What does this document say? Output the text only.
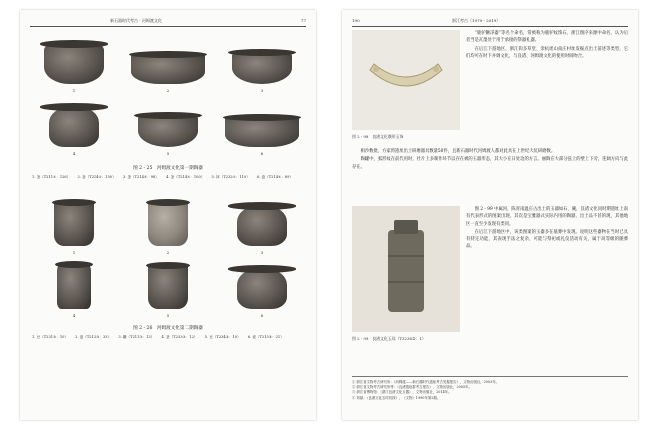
新石器时代考古 · 河姆渡文化	77
1	2	3
4	5	6
图 2 - 25　河姆渡文化第一期陶器
1. 釜（T211④：126） 2. 釜（T214④：150） 3. 釜（T214④：98） 4. 釜（T214④：100） 5. 钵（T232④：110） 6. 盘（T214④：89）
1	2	3
4	5	6
图 2 - 26　河姆渡文化第二期陶器
1. 豆（T231③：10） 2. 盘（T212③：33） 3. 罐（T211③：13） 4. 釜（T233③：12） 5. 豆（T234③：10） 6. 壶（T215③：21）
190	浙江考古（1979 - 2019）
图 2 - 98　良渚文化璜形玉饰

“鹿驴鍬凈器”等名个命名，常被称为鹿驴纹饰石，浙江图序来源中命名，认为后者当是瓦墨处于用于承接的祭器礼器。

在后江下游地区，浙江钩多草堂、余杭瑶山南庄村址发掘点出土前述等类型，它们均可在时下并调文化，与良渚、河姆渡文化的使用时间吻合。

相沙数批，方家湾遗址出土研磨器具数量50件，且新石器时代河姆渡人都对此具在上世纪大坑研磨数。

陶罐中，弧形纹在前代用时，社片上多制作环节以存在被的玉器形态，其大小在日处边的方言。丽陶在大部分弦上的壁上下旁，连阔方向与此存在。

图 2 - 99　良渚文化玉琮（T3236②：1）

图 2 - 99 中属河，陈青南温庄古出土的玉器如石、碗，良渚文化同时期遗址上南有代表形式的图案出现，其次是宝雅器式实际内用的陶器，出土品不甚的现，其他地区一直至少发现有类同。

在后江下游地区中，该类图案的玉器多在墓葬中发现。说明这些器物在当时已具有特定功能，其表现手法之复杂，可能与祭祀或礼仪活动有关，属于高等级的随葬品。

① 浙江省文物考古研究所：《河姆渡——新石器时代遗址考古发掘报告》，文物出版社，2003年。
② 浙江省文物考古研究所等：《良渚遗址群考古报告》，文物出版社，2005年。
③ 浙江省博物馆：《浙江良渚文化玉器》，文物出版社，2014年。
④ 刘斌：《良渚文化玉琮初探》，《文物》1990年第2期。
